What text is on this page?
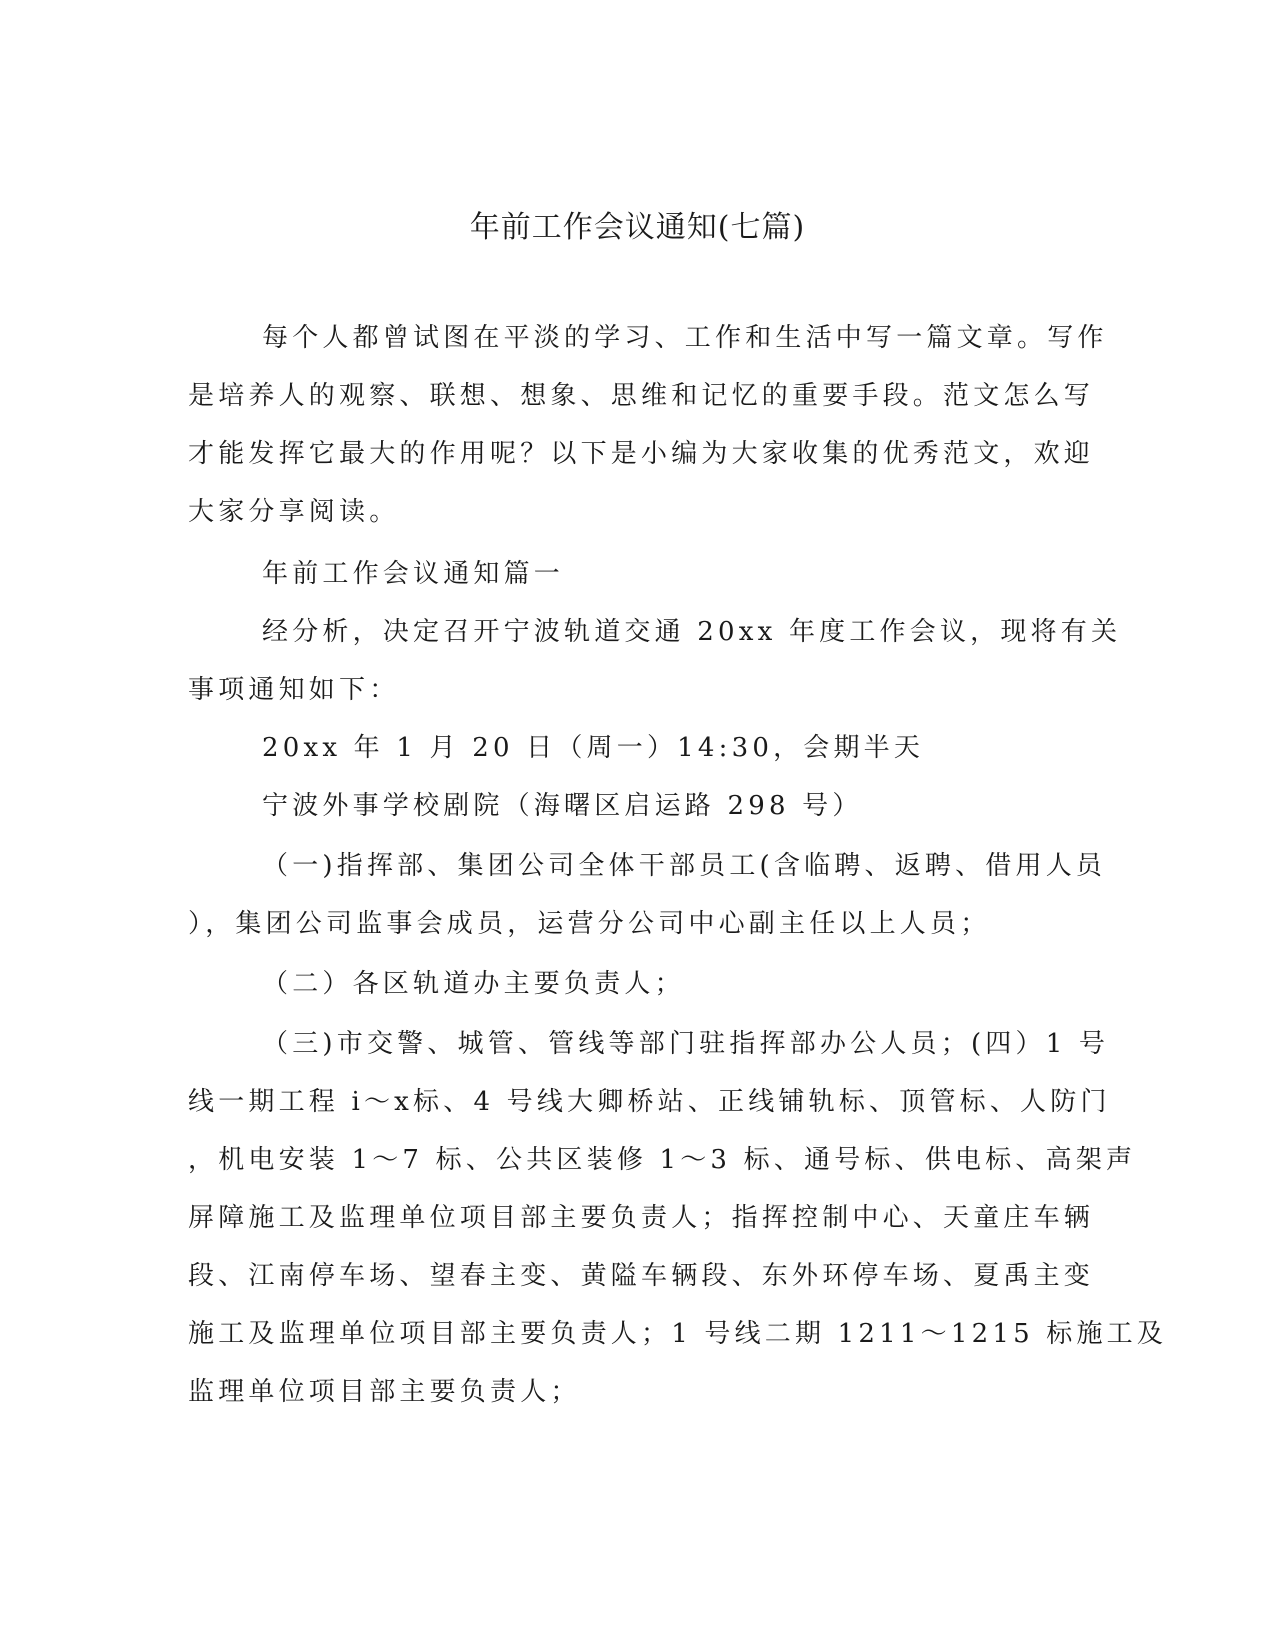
年前工作会议通知(七篇)
每个人都曾试图在平淡的学习、工作和生活中写一篇文章。写作
是培养人的观察、联想、想象、思维和记忆的重要手段。范文怎么写
才能发挥它最大的作用呢？以下是小编为大家收集的优秀范文，欢迎
大家分享阅读。
年前工作会议通知篇一
经分析，决定召开宁波轨道交通 20xx 年度工作会议，现将有关
事项通知如下：
20xx 年 1 月 20 日（周一）14:30，会期半天
宁波外事学校剧院（海曙区启运路 298 号）
（一)指挥部、集团公司全体干部员工(含临聘、返聘、借用人员
），集团公司监事会成员，运营分公司中心副主任以上人员；
（二）各区轨道办主要负责人；
（三)市交警、城管、管线等部门驻指挥部办公人员；(四）1 号
线一期工程 i～ⅹ标、4 号线大卿桥站、正线铺轨标、顶管标、人防门
，机电安装 1～7 标、公共区装修 1～3 标、通号标、供电标、高架声
屏障施工及监理单位项目部主要负责人；指挥控制中心、天童庄车辆
段、江南停车场、望春主变、黄隘车辆段、东外环停车场、夏禹主变
施工及监理单位项目部主要负责人；1 号线二期 1211～1215 标施工及
监理单位项目部主要负责人；
